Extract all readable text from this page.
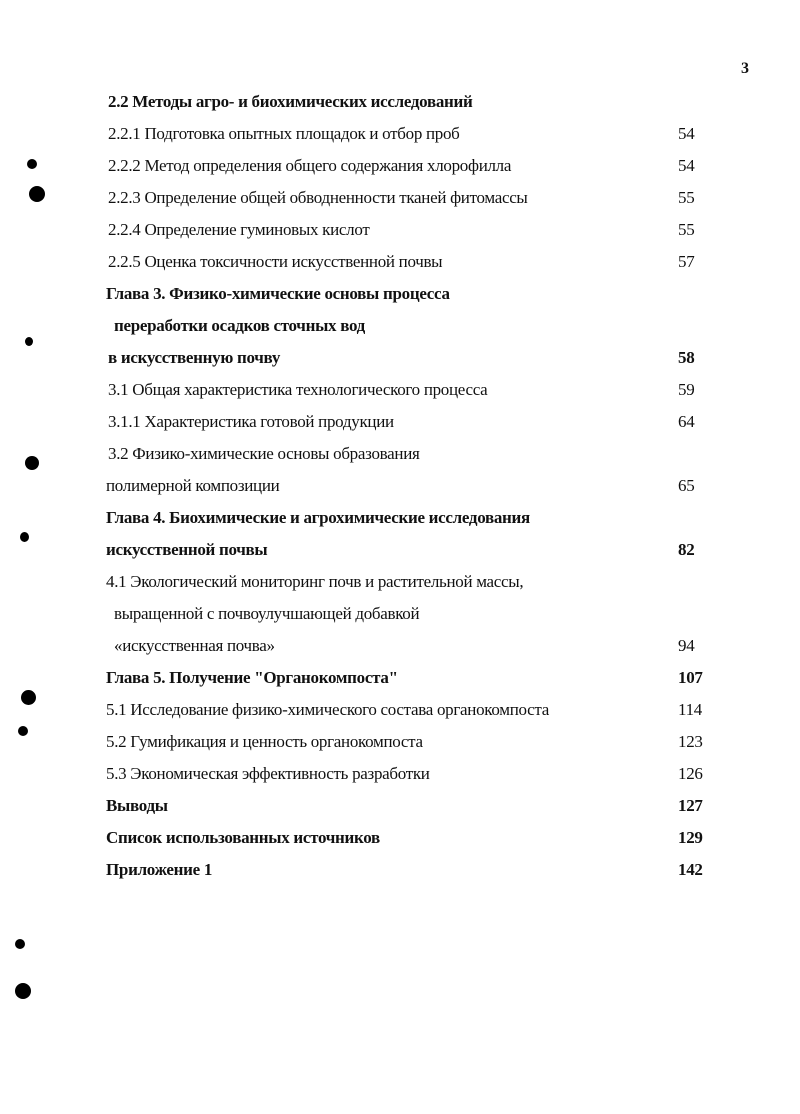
3
2.2 Методы агро- и биохимических исследований
2.2.1 Подготовка опытных площадок и отбор проб	54
2.2.2 Метод определения общего содержания хлорофилла	54
2.2.3 Определение общей обводненности тканей фитомассы	55
2.2.4 Определение гуминовых кислот	55
2.2.5 Оценка токсичности искусственной почвы	57
Глава 3. Физико-химические основы процесса
переработки осадков сточных вод
в искусственную почву	58
3.1 Общая характеристика технологического процесса	59
3.1.1 Характеристика готовой продукции	64
3.2 Физико-химические основы образования
полимерной композиции	65
Глава 4. Биохимические и агрохимические исследования
искусственной почвы	82
4.1 Экологический мониторинг почв и растительной массы,
выращенной с почвоулучшающей добавкой
«искусственная почва»	94
Глава 5. Получение "Органокомпоста"	107
5.1 Исследование физико-химического состава органокомпоста	114
5.2 Гумификация и ценность органокомпоста	123
5.3 Экономическая эффективность разработки	126
Выводы	127
Список использованных источников	129
Приложение 1	142
